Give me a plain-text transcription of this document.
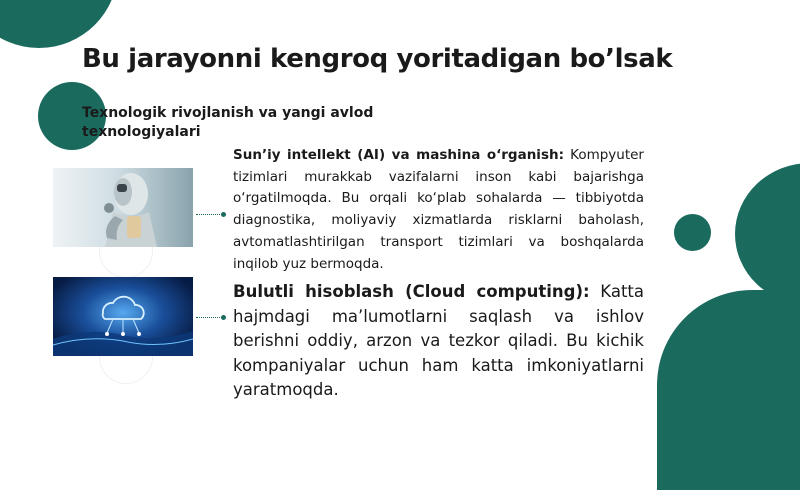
Bu jarayonni kengroq yoritadigan bo’lsak
Texnologik rivojlanish va yangi avlod texnologiyalari

Sun’iy intellekt (AI) va mashina o‘rganish: Kompyuter tizimlari murakkab vazifalarni inson kabi bajarishga o‘rgatilmoqda. Bu orqali ko‘plab sohalarda — tibbiyotda diagnostika, moliyaviy xizmatlarda risklarni baholash, avtomatlashtirilgan transport tizimlari va boshqalarda inqilob yuz bermoqda.

Bulutli hisoblash (Cloud computing): Katta hajmdagi ma’lumotlarni saqlash va ishlov berishni oddiy, arzon va tezkor qiladi. Bu kichik kompaniyalar uchun ham katta imkoniyatlarni yaratmoqda.
